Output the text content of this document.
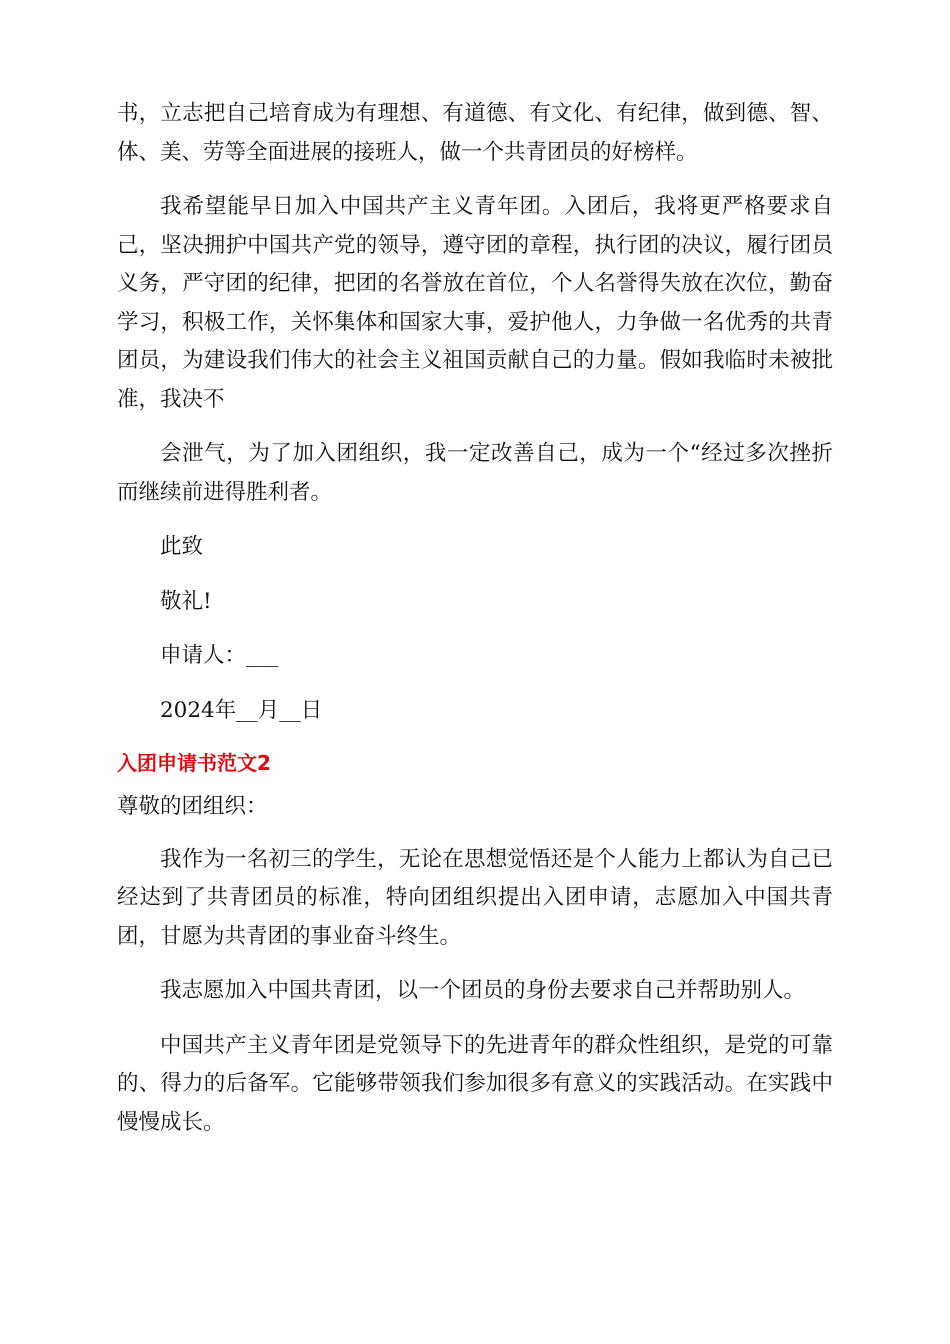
书，立志把自己培育成为有理想、有道德、有文化、有纪律，做到德、智、体、美、劳等全面进展的接班人，做一个共青团员的好榜样。

我希望能早日加入中国共产主义青年团。入团后，我将更严格要求自己，坚决拥护中国共产党的领导，遵守团的章程，执行团的决议，履行团员义务，严守团的纪律，把团的名誉放在首位，个人名誉得失放在次位，勤奋学习，积极工作，关怀集体和国家大事，爱护他人，力争做一名优秀的共青团员，为建设我们伟大的社会主义祖国贡献自己的力量。假如我临时未被批准，我决不

会泄气，为了加入团组织，我一定改善自己，成为一个“经过多次挫折而继续前进得胜利者。

此致

敬礼!

申请人：___

2024年__月__日

入团申请书范文2

尊敬的团组织：

我作为一名初三的学生，无论在思想觉悟还是个人能力上都认为自己已经达到了共青团员的标准，特向团组织提出入团申请，志愿加入中国共青团，甘愿为共青团的事业奋斗终生。

我志愿加入中国共青团，以一个团员的身份去要求自己并帮助别人。

中国共产主义青年团是党领导下的先进青年的群众性组织，是党的可靠的、得力的后备军。它能够带领我们参加很多有意义的实践活动。在实践中慢慢成长。
